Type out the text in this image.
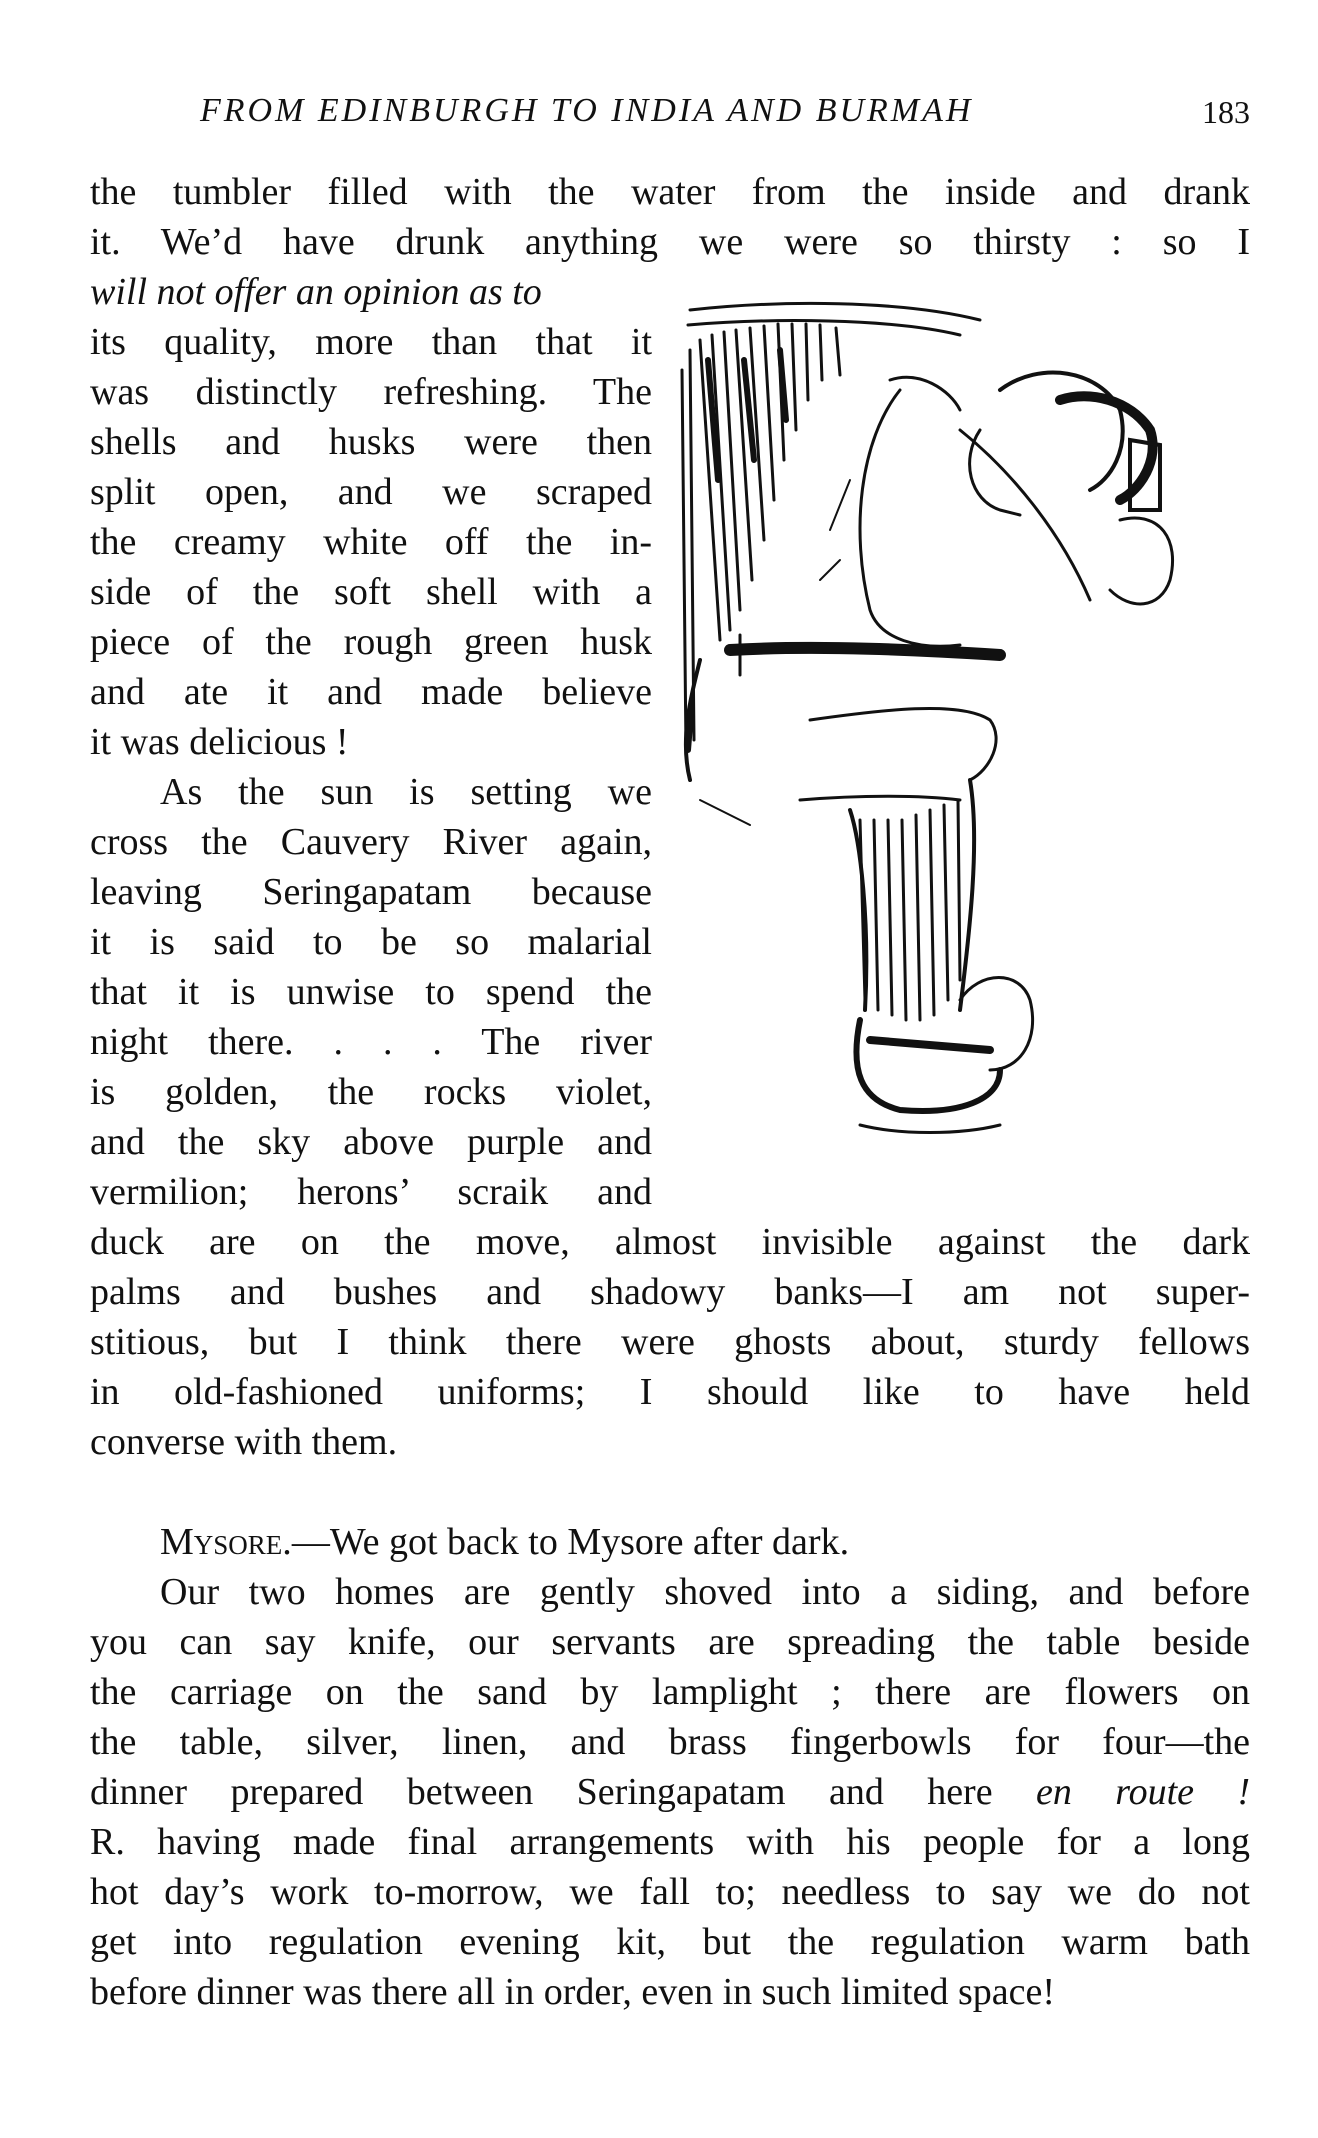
FROM EDINBURGH TO INDIA AND BURMAH	183
the tumbler filled with the water from the inside and drank
it. We’d have drunk anything we were so thirsty : so I
will not offer an opinion as to
its quality, more than that it
was distinctly refreshing. The
shells and husks were then
split open, and we scraped
the creamy white off the in-
side of the soft shell with a
piece of the rough green husk
and ate it and made believe
it was delicious !
As the sun is setting we
cross the Cauvery River again,
leaving Seringapatam because
it is said to be so malarial
that it is unwise to spend the
night there. . . . The river
is golden, the rocks violet,
and the sky above purple and
vermilion; herons’ scraik and
duck are on the move, almost invisible against the dark
palms and bushes and shadowy banks—I am not super-
stitious, but I think there were ghosts about, sturdy fellows
in old-fashioned uniforms; I should like to have held
converse with them.
Mysore.—We got back to Mysore after dark.
Our two homes are gently shoved into a siding, and before
you can say knife, our servants are spreading the table beside
the carriage on the sand by lamplight ; there are flowers on
the table, silver, linen, and brass fingerbowls for four—the
dinner prepared between Seringapatam and here en route !
R. having made final arrangements with his people for a long
hot day’s work to-morrow, we fall to; needless to say we do not
get into regulation evening kit, but the regulation warm bath
before dinner was there all in order, even in such limited space!
